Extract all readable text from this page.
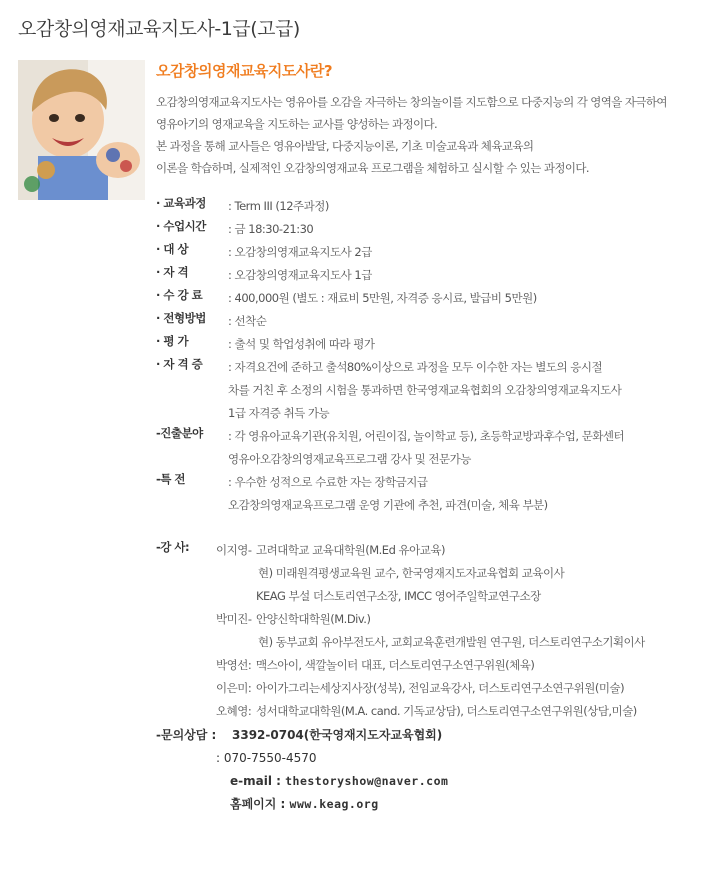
오감창의영재교육지도사-1급(고급)
오감창의영재교육지도사란?
오감창의영재교육지도사는 영유아를 오감을 자극하는 창의놀이를 지도함으로 다중지능의 각 영역을 자극하여
영유아기의 영재교육을 지도하는 교사를 양성하는 과정이다.
본 과정을 통해 교사들은 영유아발달, 다중지능이론, 기초 미술교육과 체육교육의
이론을 학습하며, 실제적인 오감창의영재교육 프로그램을 체험하고 실시할 수 있는 과정이다.
· 교육과정	: Term III (12주과정)
· 수업시간	: 금 18:30-21:30
· 대 상	: 오감창의영재교육지도사 2급
· 자 격	: 오감창의영재교육지도사 1급
· 수 강 료	: 400,000원 (별도 : 재료비 5만원, 자격증 응시료, 발급비 5만원)
· 전형방법	: 선착순
· 평 가	: 출석 및 학업성취에 따라 평가
· 자 격 증	: 자격요건에 준하고 출석80%이상으로 과정을 모두 이수한 자는 별도의 응시절
차를 거친 후 소정의 시험을 통과하면 한국영재교육협회의 오감창의영재교육지도사
1급 자격증 취득 가능
-진출분야	: 각 영유아교육기관(유치원, 어린이집, 놀이학교 등), 초등학교방과후수업, 문화센터
영유아오감창의영재교육프로그램 강사 및 전문가능
-특 전	: 우수한 성적으로 수료한 자는 장학금지급
오감창의영재교육프로그램 운영 기관에 추천, 파견(미술, 체육 부분)
-강 사:	이지영- 고려대학교 교육대학원(M.Ed 유아교육)
현) 미래원격평생교육원 교수, 한국영재지도자교육협회 교육이사
KEAG 부설 더스토리연구소장, IMCC 영어주일학교연구소장
박미진- 안양신학대학원(M.Div.)
현) 동부교회 유아부전도사, 교회교육훈련개발원 연구원, 더스토리연구소기획이사
박영선: 맥스아이, 색깔놀이터 대표, 더스토리연구소연구위원(체육)
이은미: 아이가그리는세상지사장(성북), 전임교육강사, 더스토리연구소연구위원(미술)
오혜영: 성서대학교대학원(M.A. cand. 기독교상담), 더스토리연구소연구위원(상담,미술)
-문의상담 :	3392-0704(한국영재지도자교육협회)
: 070-7550-4570
e-mail : thestoryshow@naver.com
홈페이지 : www.keag.org
